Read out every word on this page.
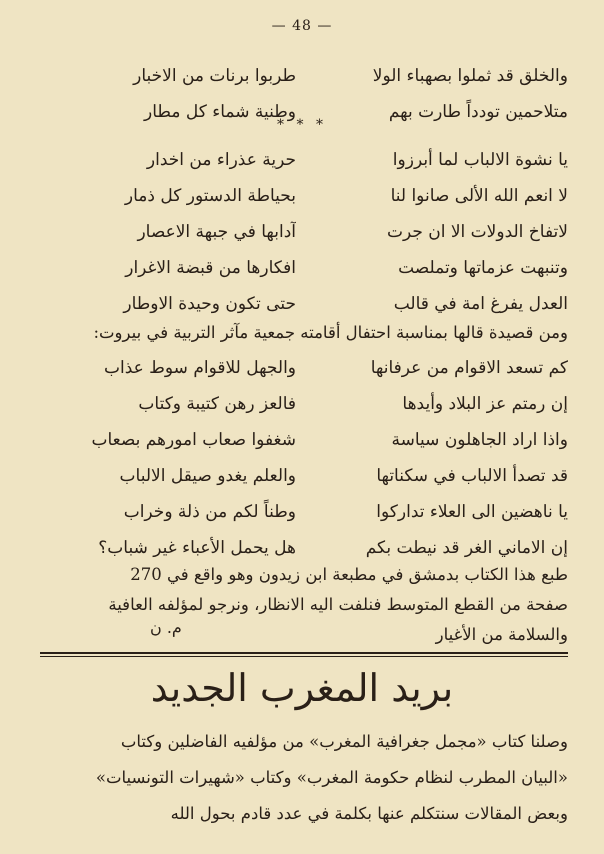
— 48 —
والخلق قد ثملوا بصهباء الولا
طربوا برنات من الاخبار
متلاحمين تودداً طارت بهم
وطنية شماء كل مطار
* * *
يا نشوة الالباب لما أبرزوا
حرية عذراء من اخدار
لا انعم الله الألى صانوا لنا
بحياطة الدستور كل ذمار
لاتفاخ الدولات الا ان جرت
آدابها في جبهة الاعصار
وتنبهت عزماتها وتملصت
افكارها من قبضة الاغرار
العدل يفرغ امة في قالب
حتى تكون وحيدة الاوطار
ومن قصيدة قالها بمناسبة احتفال أقامته جمعية مآثر التربية في بيروت:
كم تسعد الاقوام من عرفانها
والجهل للاقوام سوط عذاب
إن رمتم عز البلاد وأيدها
فالعز رهن كتيبة وكتاب
واذا اراد الجاهلون سياسة
شغفوا صعاب امورهم بصعاب
قد تصدأ الالباب في سكناتها
والعلم يغدو صيقل الالباب
يا ناهضين الى العلاء تداركوا
وطناً لكم من ذلة وخراب
إن الاماني الغر قد نيطت بكم
هل يحمل الأعباء غير شباب؟
طبع هذا الكتاب بدمشق في مطبعة ابن زيدون وهو واقع في 270
صفحة من القطع المتوسط فنلفت اليه الانظار، ونرجو لمؤلفه العافية
والسلامة من الأغيار
م. ن
بريد المغرب الجديد
وصلنا كتاب «مجمل جغرافية المغرب» من مؤلفيه الفاضلين وكتاب
«البيان المطرب لنظام حكومة المغرب» وكتاب «شهيرات التونسيات»
وبعض المقالات سنتكلم عنها بكلمة في عدد قادم بحول الله
